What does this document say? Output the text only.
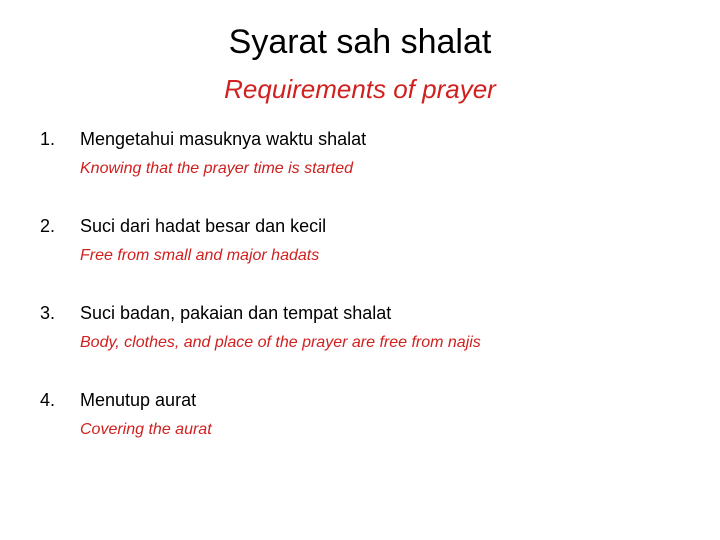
Syarat sah shalat
Requirements of prayer
1. Mengetahui masuknya waktu shalat
Knowing that the prayer time is started
2. Suci dari hadat besar dan kecil
Free from small and major hadats
3. Suci badan, pakaian dan tempat shalat
Body, clothes, and place of the prayer are free from najis
4. Menutup aurat
Covering the aurat
